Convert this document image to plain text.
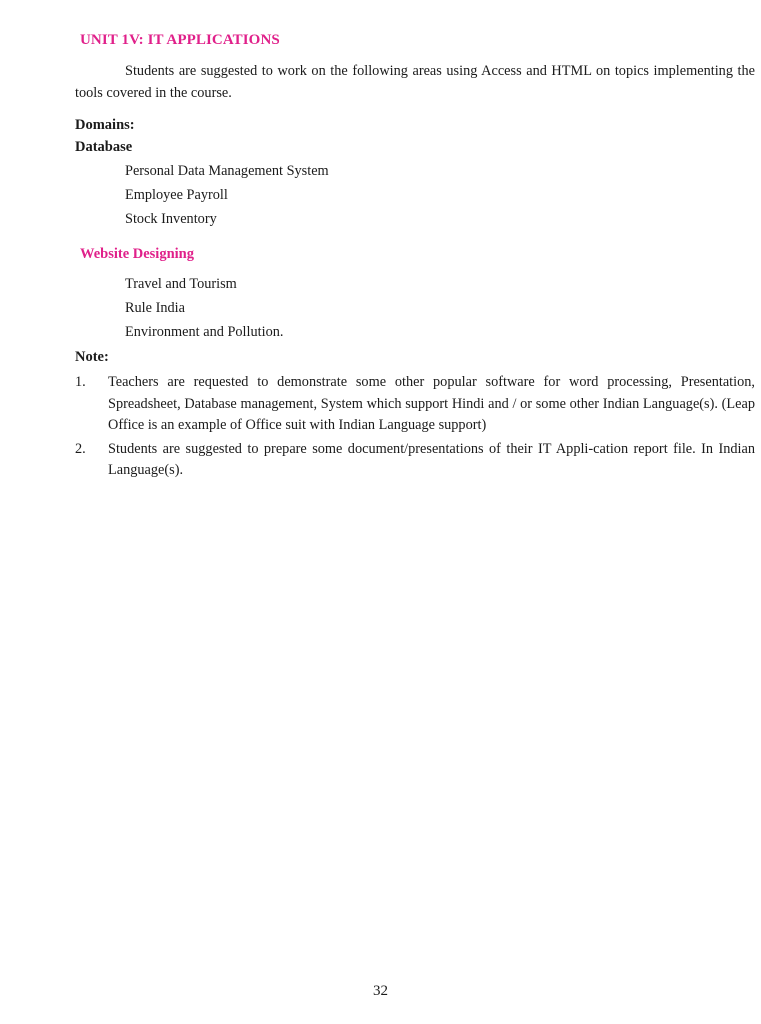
UNIT 1V: IT APPLICATIONS

Students are suggested to work on the following areas using Access and HTML on topics implementing the tools covered in the course.

Domains:

Database

Personal Data Management System
Employee Payroll
Stock Inventory

Website Designing

Travel and Tourism
Rule India
Environment and Pollution.

Note:

1. Teachers are requested to demonstrate some other popular software for word processing, Presentation, Spreadsheet, Database management, System which support Hindi and / or some other Indian Language(s). (Leap Office is an example of Office suit with Indian Language support)
2. Students are suggested to prepare some document/presentations of their IT Appli-cation report file. In Indian Language(s).

32
